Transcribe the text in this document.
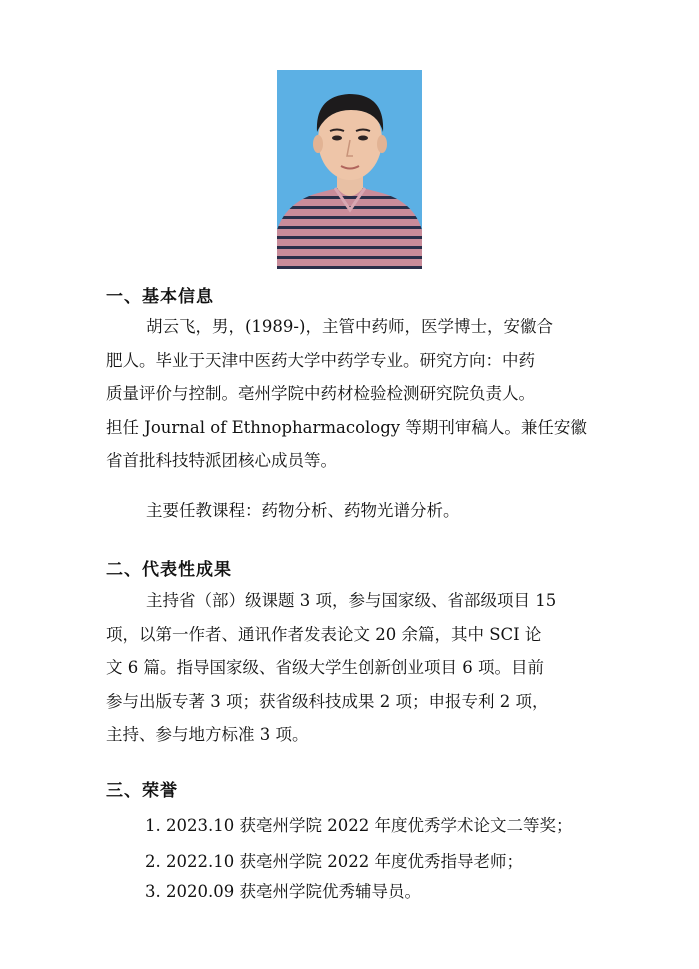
一、基本信息
胡云飞，男，(1989-)，主管中药师，医学博士，安徽合
肥人。毕业于天津中医药大学中药学专业。研究方向：中药
质量评价与控制。亳州学院中药材检验检测研究院负责人。
担任 Journal of Ethnopharmacology 等期刊审稿人。兼任安徽
省首批科技特派团核心成员等。
主要任教课程：药物分析、药物光谱分析。
二、代表性成果
主持省（部）级课题 3 项，参与国家级、省部级项目 15
项，以第一作者、通讯作者发表论文 20 余篇，其中 SCI 论
文 6 篇。指导国家级、省级大学生创新创业项目 6 项。目前
参与出版专著 3 项；获省级科技成果 2 项；申报专利 2 项，
主持、参与地方标准 3 项。
三、荣誉
1. 2023.10 获亳州学院 2022 年度优秀学术论文二等奖；
2. 2022.10 获亳州学院 2022 年度优秀指导老师；
3. 2020.09 获亳州学院优秀辅导员。
